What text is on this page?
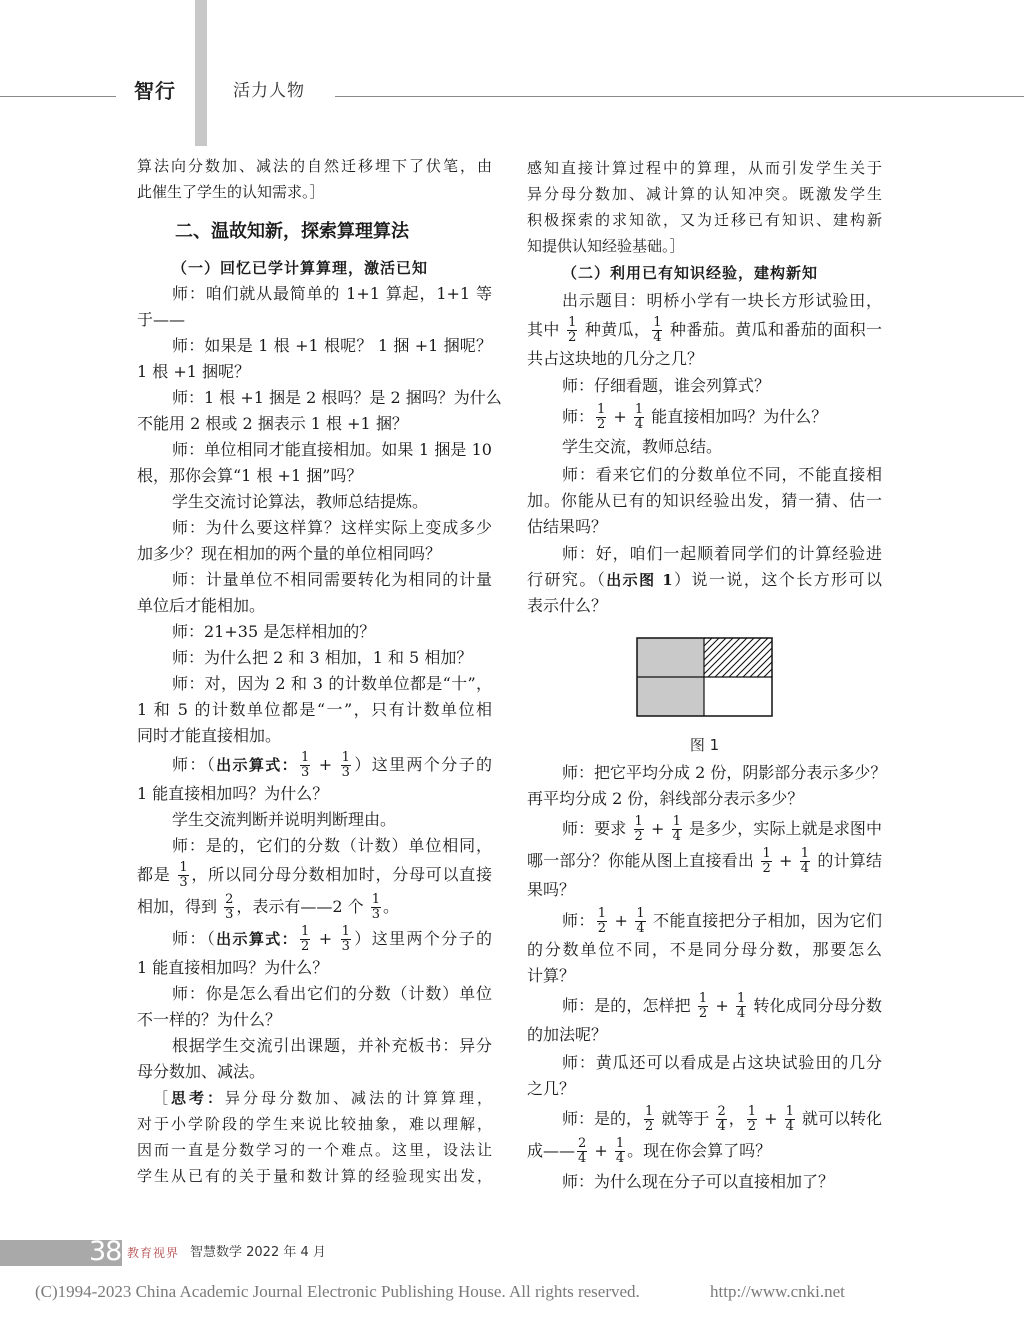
智行	活力人物
算法向分数加、减法的自然迁移埋下了伏笔，由
此催生了学生的认知需求。］
二、温故知新，探索算理算法
（一）回忆已学计算算理，激活已知
师：咱们就从最简单的 1+1 算起，1+1 等
于——
师：如果是 1 根 +1 根呢？ 1 捆 +1 捆呢？
1 根 +1 捆呢？
师：1 根 +1 捆是 2 根吗？是 2 捆吗？为什么
不能用 2 根或 2 捆表示 1 根 +1 捆？
师：单位相同才能直接相加。如果 1 捆是 10
根，那你会算“1 根 +1 捆”吗？
学生交流讨论算法，教师总结提炼。
师：为什么要这样算？这样实际上变成多少
加多少？现在相加的两个量的单位相同吗？
师：计量单位不相同需要转化为相同的计量
单位后才能相加。
师：21+35 是怎样相加的？
师：为什么把 2 和 3 相加，1 和 5 相加？
师：对，因为 2 和 3 的计数单位都是“十”，
1 和 5 的计数单位都是“一”，只有计数单位相
同时才能直接相加。
师：（出示算式： $\frac{1}{3} + \frac{1}{3}$ ）这里两个分子的
1 能直接相加吗？为什么？
学生交流判断并说明判断理由。
师：是的，它们的分数（计数）单位相同，
都是 $\frac{1}{3}$ ，所以同分母分数相加时，分母可以直接
相加，得到 $\frac{2}{3}$ ，表示有——2 个 $\frac{1}{3}$ 。
师：（出示算式： $\frac{1}{2} + \frac{1}{3}$ ）这里两个分子的
1 能直接相加吗？为什么？
师：你是怎么看出它们的分数（计数）单位
不一样的？为什么？
根据学生交流引出课题，并补充板书：异分
母分数加、减法。
［思考：异分母分数加、减法的计算算理，
对于小学阶段的学生来说比较抽象，难以理解，
因而一直是分数学习的一个难点。这里，设法让
学生从已有的关于量和数计算的经验现实出发，
感知直接计算过程中的算理，从而引发学生关于
异分母分数加、减计算的认知冲突。既激发学生
积极探索的求知欲，又为迁移已有知识、建构新
知提供认知经验基础。］
（二）利用已有知识经验，建构新知
出示题目：明桥小学有一块长方形试验田，
其中 $\frac{1}{2}$ 种黄瓜， $\frac{1}{4}$ 种番茄。黄瓜和番茄的面积一
共占这块地的几分之几？
师：仔细看题，谁会列算式？
师： $\frac{1}{2} + \frac{1}{4}$ 能直接相加吗？为什么？
学生交流，教师总结。
师：看来它们的分数单位不同，不能直接相
加。你能从已有的知识经验出发，猜一猜、估一
估结果吗？
师：好，咱们一起顺着同学们的计算经验进
行研究。（出示图 1）说一说，这个长方形可以
表示什么？
图 1
师：把它平均分成 2 份，阴影部分表示多少？
再平均分成 2 份，斜线部分表示多少？
师：要求 $\frac{1}{2} + \frac{1}{4}$ 是多少，实际上就是求图中
哪一部分？你能从图上直接看出 $\frac{1}{2} + \frac{1}{4}$ 的计算结
果吗？
师： $\frac{1}{2} + \frac{1}{4}$ 不能直接把分子相加，因为它们
的分数单位不同，不是同分母分数，那要怎么
计算？
师：是的，怎样把 $\frac{1}{2} + \frac{1}{4}$ 转化成同分母分数
的加法呢？
师：黄瓜还可以看成是占这块试验田的几分
之几？
师：是的， $\frac{1}{2}$ 就等于 $\frac{2}{4}$ ， $\frac{1}{2} + \frac{1}{4}$ 就可以转化
成—— $\frac{2}{4} + \frac{1}{4}$ 。现在你会算了吗？
师：为什么现在分子可以直接相加了？
38 教育视界 智慧数学 2022 年 4 月
(C)1994-2023 China Academic Journal Electronic Publishing House. All rights reserved.	http://www.cnki.net
